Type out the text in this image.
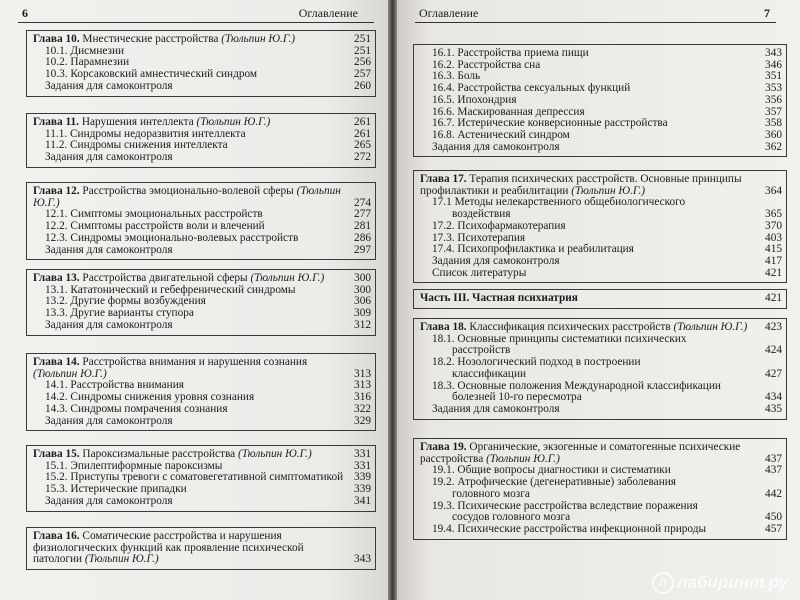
6	Оглавление
Глава 10. Мнестические расстройства (Тюльпин Ю.Г.)	251
10.1. Дисмнезии	251
10.2. Парамнезии	256
10.3. Корсаковский амнестический синдром	257
Задания для самоконтроля	260
Глава 11. Нарушения интеллекта (Тюльпин Ю.Г.)	261
11.1. Синдромы недоразвития интеллекта	261
11.2. Синдромы снижения интеллекта	265
Задания для самоконтроля	272
Глава 12. Расстройства эмоционально-волевой сферы (Тюльпин Ю.Г.)	274
12.1. Симптомы эмоциональных расстройств	277
12.2. Симптомы расстройств воли и влечений	281
12.3. Синдромы эмоционально-волевых расстройств	286
Задания для самоконтроля	297
Глава 13. Расстройства двигательной сферы (Тюльпин Ю.Г.)	300
13.1. Кататонический и гебефренический синдромы	300
13.2. Другие формы возбуждения	306
13.3. Другие варианты ступора	309
Задания для самоконтроля	312
Глава 14. Расстройства внимания и нарушения сознания (Тюльпин Ю.Г.)	313
14.1. Расстройства внимания	313
14.2. Синдромы снижения уровня сознания	316
14.3. Синдромы помрачения сознания	322
Задания для самоконтроля	329
Глава 15. Пароксизмальные расстройства (Тюльпин Ю.Г.)	331
15.1. Эпилептиформные пароксизмы	331
15.2. Приступы тревоги с соматовегетативной симптоматикой 339
15.3. Истерические припадки	339
Задания для самоконтроля	341
Глава 16. Соматические расстройства и нарушения физиологических функций как проявление психической патологии (Тюльпин Ю.Г.)	343
Оглавление	7
16.1. Расстройства приема пищи	343
16.2. Расстройства сна	346
16.3. Боль	351
16.4. Расстройства сексуальных функций	353
16.5. Ипохондрия	356
16.6. Маскированная депрессия	357
16.7. Истерические конверсионные расстройства	358
16.8. Астенический синдром	360
Задания для самоконтроля	362
Глава 17. Терапия психических расстройств. Основные принципы профилактики и реабилитации (Тюльпин Ю.Г.)	364
17.1 Методы нелекарственного общебиологического
воздействия	365
17.2. Психофармакотерапия	370
17.3. Психотерапия	403
17.4. Психопрофилактика и реабилитация	415
Задания для самоконтроля	417
Список литературы	421
Часть III. Частная психиатрия	421
Глава 18. Классификация психических расстройств (Тюльпин Ю.Г.) 423
18.1. Основные принципы систематики психических
расстройств	424
18.2. Нозологический подход в построении
классификации	427
18.3. Основные положения Международной классификации
болезней 10-го пересмотра	434
Задания для самоконтроля	435
Глава 19. Органические, экзогенные и соматогенные психические расстройства (Тюльпин Ю.Г.)	437
19.1. Общие вопросы диагностики и систематики	437
19.2. Атрофические (дегенеративные) заболевания
головного мозга	442
19.3. Психические расстройства вследствие поражения
сосудов головного мозга	450
19.4. Психические расстройства инфекционной природы	457
Л лабиринт.ру
